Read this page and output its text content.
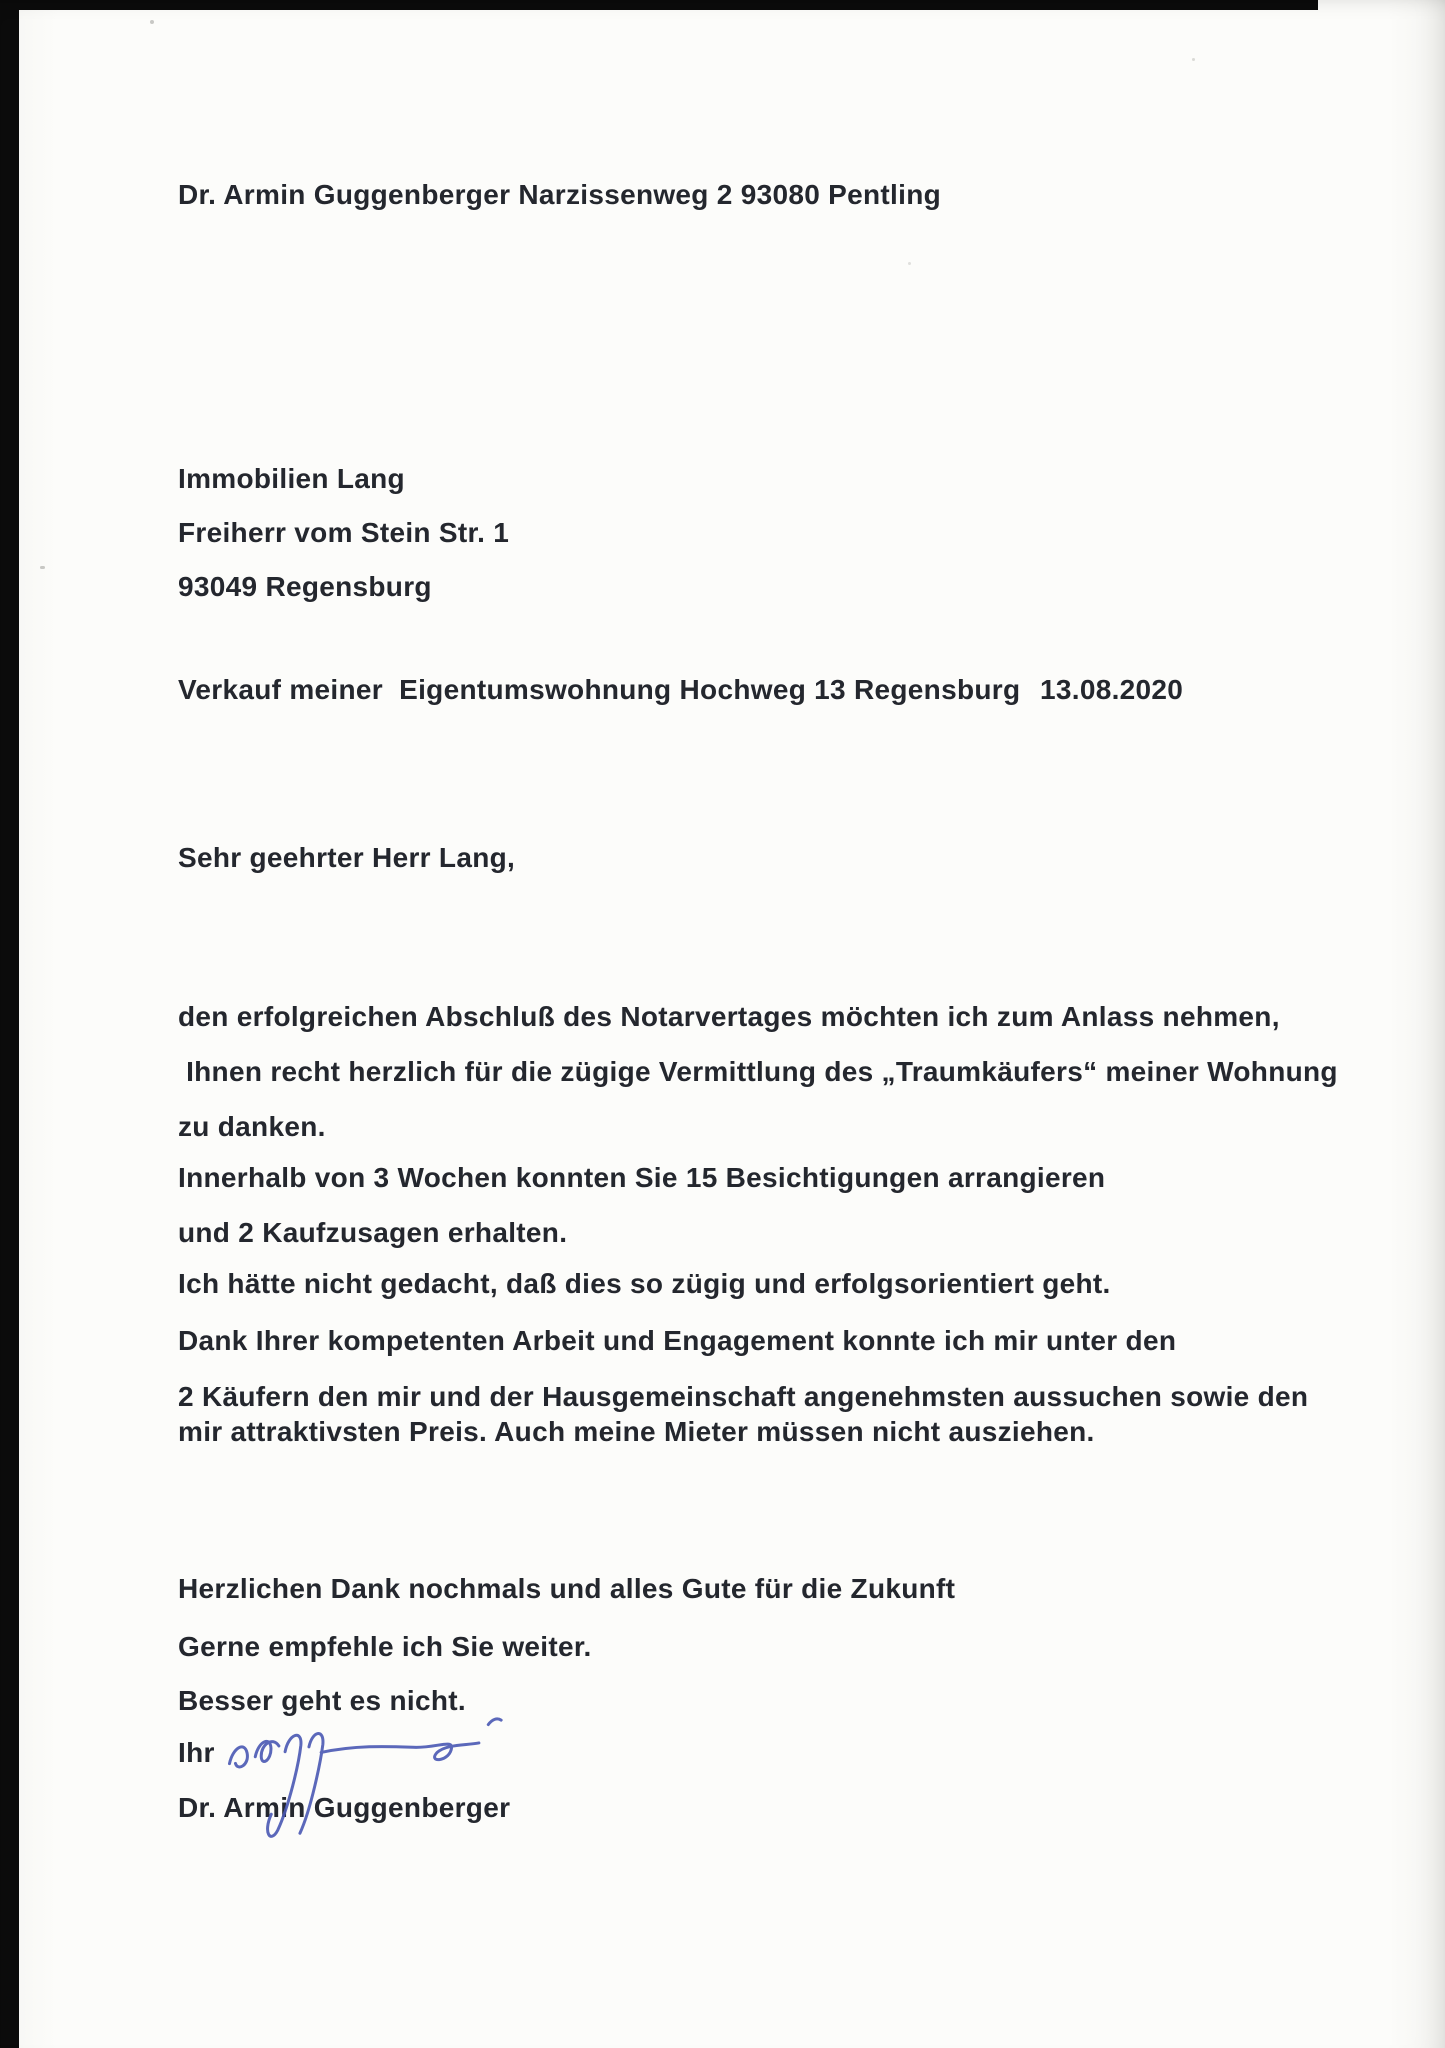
Dr. Armin Guggenberger Narzissenweg 2 93080 Pentling
Immobilien Lang
Freiherr vom Stein Str. 1
93049 Regensburg
Verkauf meiner  Eigentumswohnung Hochweg 13 Regensburg 13.08.2020
Sehr geehrter Herr Lang,
den erfolgreichen Abschluß des Notarvertages möchten ich zum Anlass nehmen,
Ihnen recht herzlich für die zügige Vermittlung des „Traumkäufers“ meiner Wohnung
zu danken.
Innerhalb von 3 Wochen konnten Sie 15 Besichtigungen arrangieren
und 2 Kaufzusagen erhalten.
Ich hätte nicht gedacht, daß dies so zügig und erfolgsorientiert geht.
Dank Ihrer kompetenten Arbeit und Engagement konnte ich mir unter den
2 Käufern den mir und der Hausgemeinschaft angenehmsten aussuchen sowie den
mir attraktivsten Preis. Auch meine Mieter müssen nicht ausziehen.
Herzlichen Dank nochmals und alles Gute für die Zukunft
Gerne empfehle ich Sie weiter.
Besser geht es nicht.
Ihr
Dr. Armin Guggenberger
